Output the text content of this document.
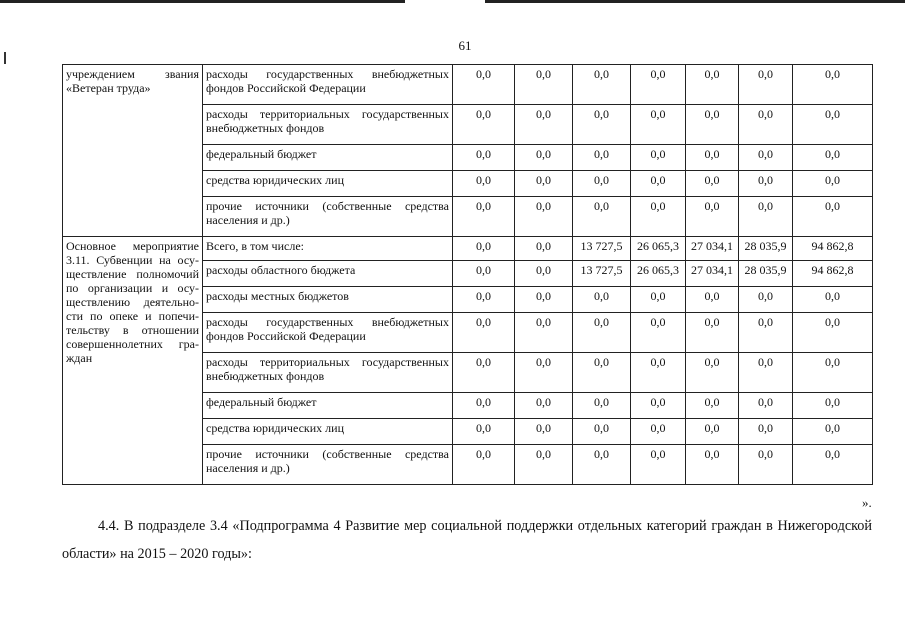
61
учреждением звания «Ветеран труда»	расходы государственных внебюджетных фондов Российской Федерации	0,0	0,0	0,0	0,0	0,0	0,0	0,0
	расходы территориальных государственных внебюджетных фондов	0,0	0,0	0,0	0,0	0,0	0,0	0,0
	федеральный бюджет	0,0	0,0	0,0	0,0	0,0	0,0	0,0
	средства юридических лиц	0,0	0,0	0,0	0,0	0,0	0,0	0,0
	прочие источники (собственные средства населения и др.)	0,0	0,0	0,0	0,0	0,0	0,0	0,0
Основное мероприятие 3.11. Субвенции на осуществление полномочий по организации и осуществлению деятельности по опеке и попечительству в отношении совершеннолетних граждан	Всего, в том числе:	0,0	0,0	13 727,5	26 065,3	27 034,1	28 035,9	94 862,8
	расходы областного бюджета	0,0	0,0	13 727,5	26 065,3	27 034,1	28 035,9	94 862,8
	расходы местных бюджетов	0,0	0,0	0,0	0,0	0,0	0,0	0,0
	расходы государственных внебюджетных фондов Российской Федерации	0,0	0,0	0,0	0,0	0,0	0,0	0,0
	расходы территориальных государственных внебюджетных фондов	0,0	0,0	0,0	0,0	0,0	0,0	0,0
	федеральный бюджет	0,0	0,0	0,0	0,0	0,0	0,0	0,0
	средства юридических лиц	0,0	0,0	0,0	0,0	0,0	0,0	0,0
	прочие источники (собственные средства населения и др.)	0,0	0,0	0,0	0,0	0,0	0,0	0,0
».
4.4. В подразделе 3.4 «Подпрограмма 4 Развитие мер социальной поддержки отдельных категорий граждан в Нижегородской области» на 2015 – 2020 годы»:
